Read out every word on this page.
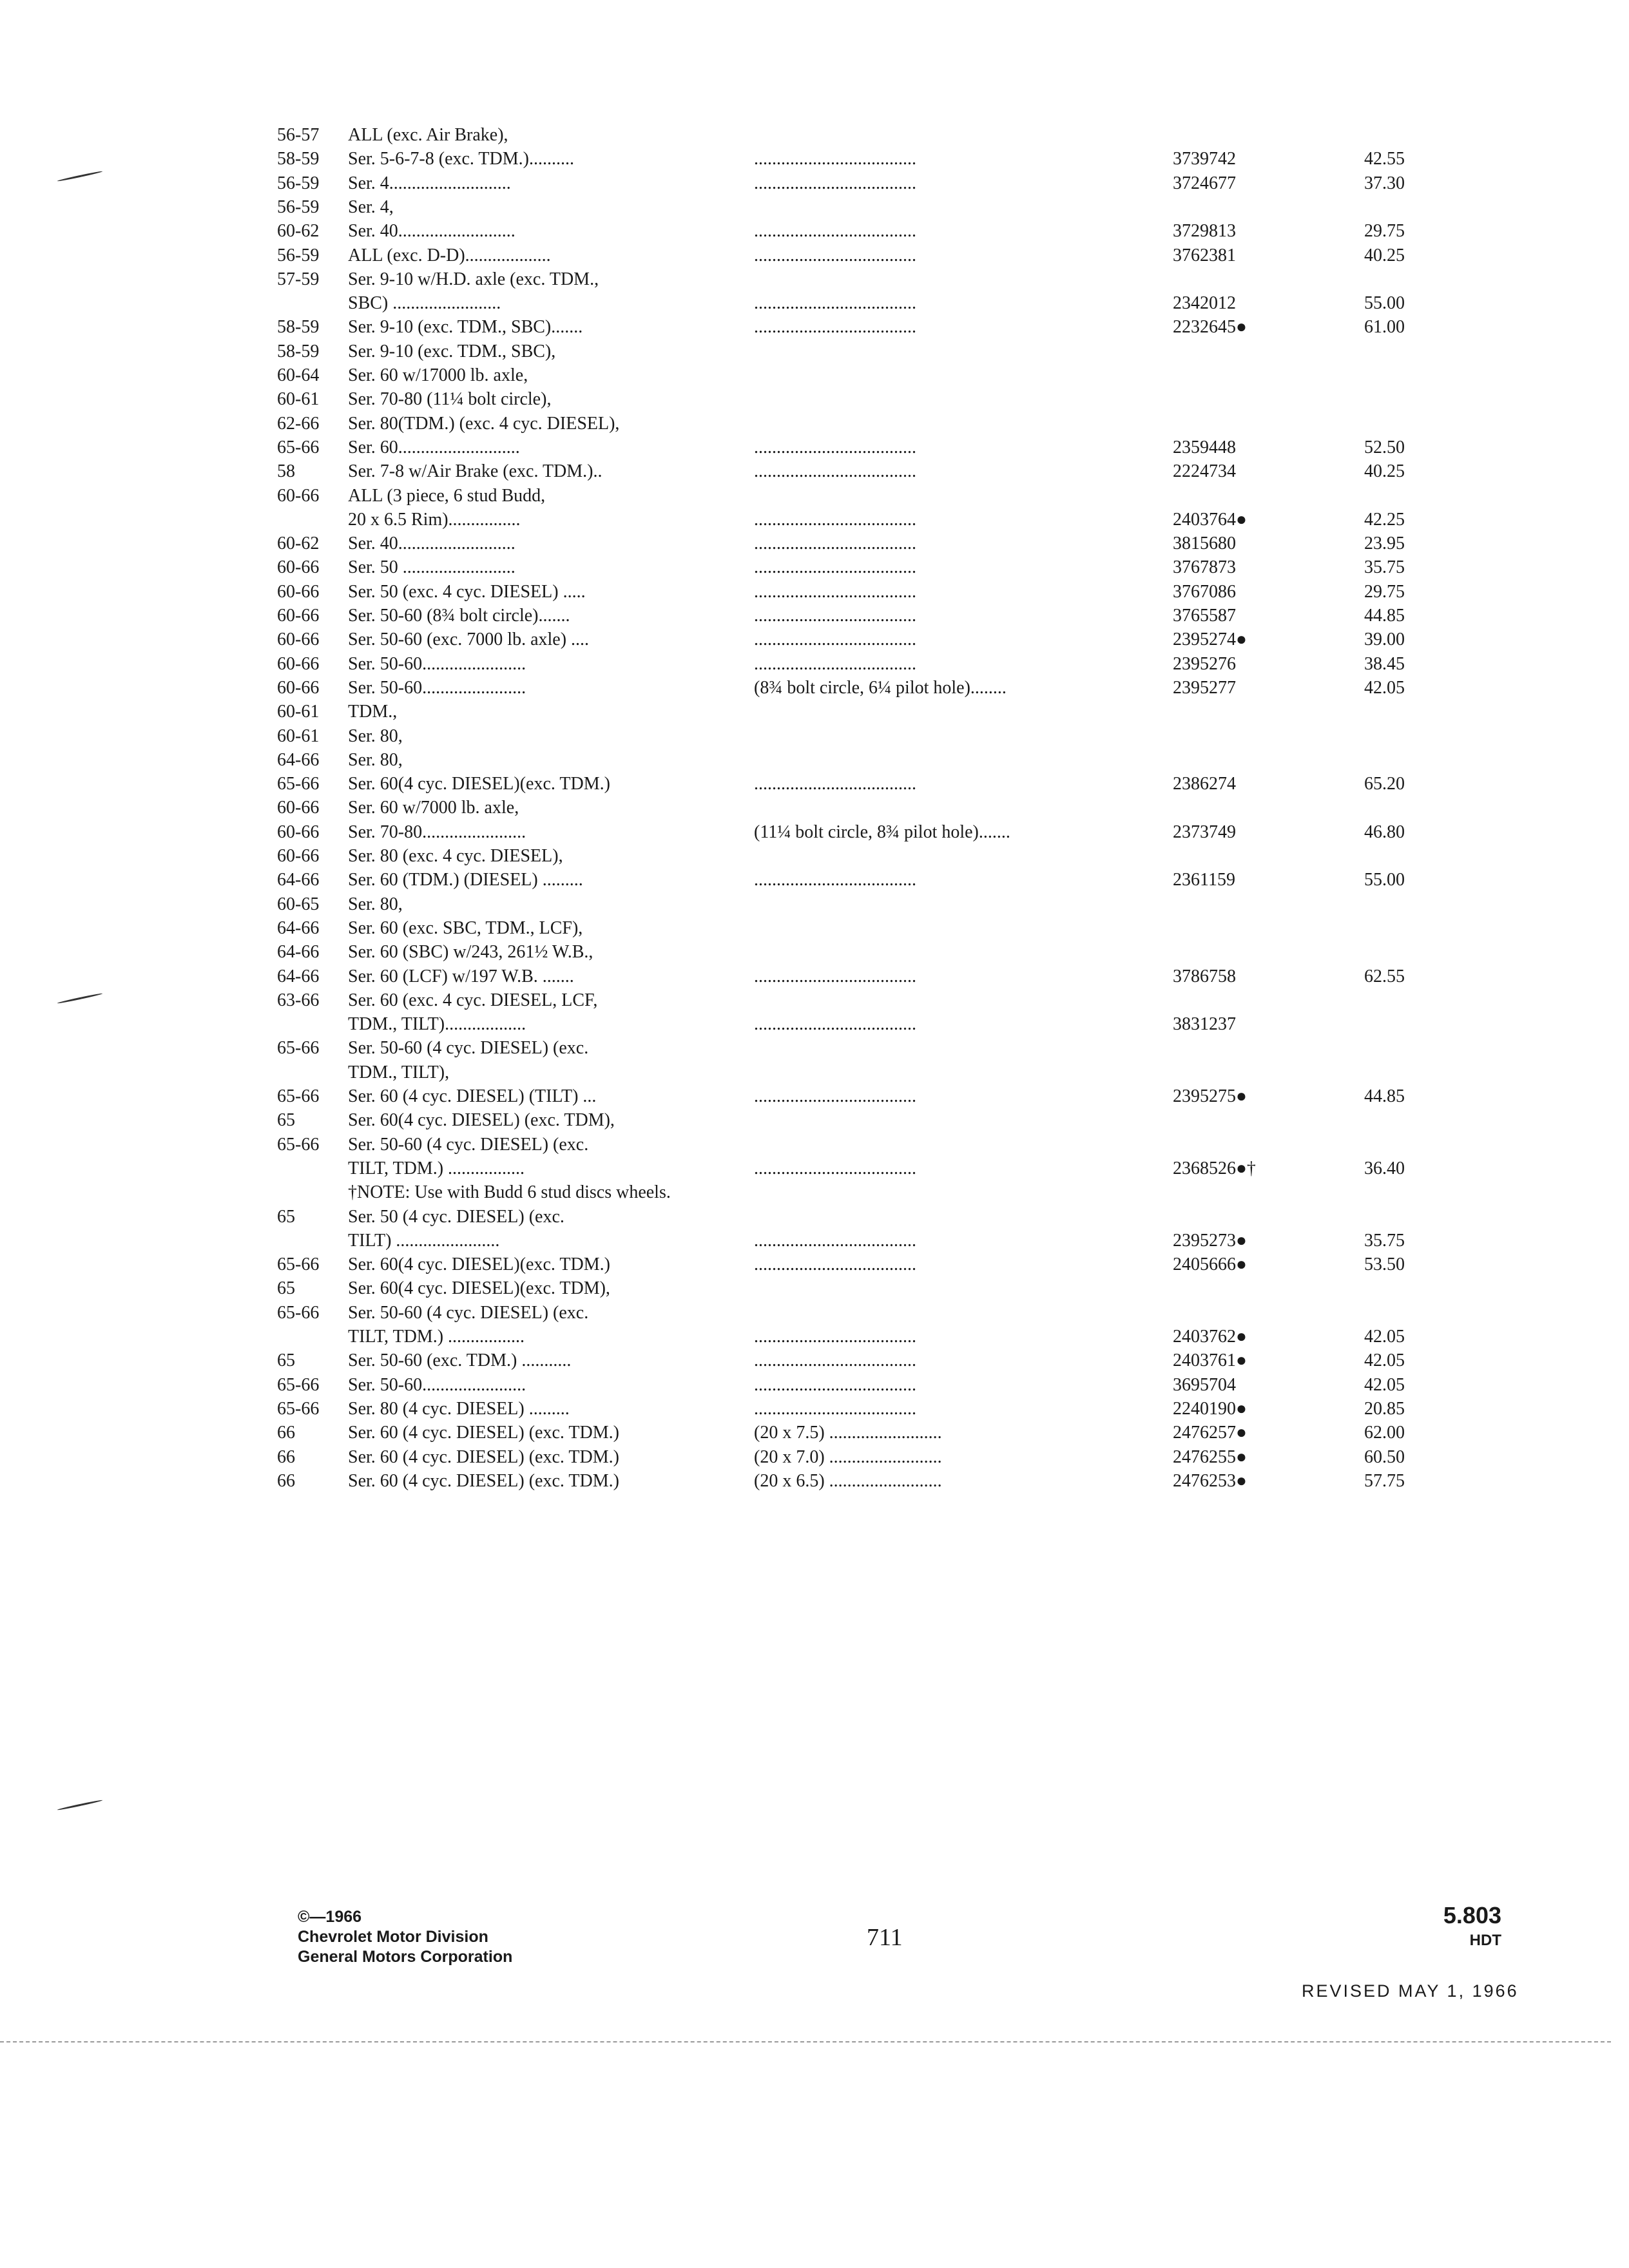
56-57	ALL (exc. Air Brake),
58-59	Ser. 5-6-7-8 (exc. TDM.)..........	....................................	3739742	42.55
56-59	Ser. 4...........................	....................................	3724677	37.30
56-59	Ser. 4,
60-62	Ser. 40..........................	....................................	3729813	29.75
56-59	ALL (exc. D-D)...................	....................................	3762381	40.25
57-59	Ser. 9-10 w/H.D. axle (exc. TDM.,
SBC) ........................	....................................	2342012	55.00
58-59	Ser. 9-10 (exc. TDM., SBC).......	....................................	2232645●	61.00
58-59	Ser. 9-10 (exc. TDM., SBC),
60-64	Ser. 60 w/17000 lb. axle,
60-61	Ser. 70-80 (11¼ bolt circle),
62-66	Ser. 80(TDM.) (exc. 4 cyc. DIESEL),
65-66	Ser. 60...........................	....................................	2359448	52.50
58	Ser. 7-8 w/Air Brake (exc. TDM.)..	....................................	2224734	40.25
60-66	ALL (3 piece, 6 stud Budd,
20 x 6.5 Rim)................	....................................	2403764●	42.25
60-62	Ser. 40..........................	....................................	3815680	23.95
60-66	Ser. 50 .........................	....................................	3767873	35.75
60-66	Ser. 50 (exc. 4 cyc. DIESEL) .....	....................................	3767086	29.75
60-66	Ser. 50-60 (8¾ bolt circle).......	....................................	3765587	44.85
60-66	Ser. 50-60 (exc. 7000 lb. axle) ....	....................................	2395274●	39.00
60-66	Ser. 50-60.......................	....................................	2395276	38.45
60-66	Ser. 50-60.......................	(8¾ bolt circle, 6¼ pilot hole)........	2395277	42.05
60-61	TDM.,
60-61	Ser. 80,
64-66	Ser. 80,
65-66	Ser. 60(4 cyc. DIESEL)(exc. TDM.)	....................................	2386274	65.20
60-66	Ser. 60 w/7000 lb. axle,
60-66	Ser. 70-80.......................	(11¼ bolt circle, 8¾ pilot hole).......	2373749	46.80
60-66	Ser. 80 (exc. 4 cyc. DIESEL),
64-66	Ser. 60 (TDM.) (DIESEL) .........	....................................	2361159	55.00
60-65	Ser. 80,
64-66	Ser. 60 (exc. SBC, TDM., LCF),
64-66	Ser. 60 (SBC) w/243, 261½ W.B.,
64-66	Ser. 60 (LCF) w/197 W.B. .......	....................................	3786758	62.55
63-66	Ser. 60 (exc. 4 cyc. DIESEL, LCF,
TDM., TILT)..................	....................................	3831237
65-66	Ser. 50-60 (4 cyc. DIESEL) (exc.
TDM., TILT),
65-66	Ser. 60 (4 cyc. DIESEL) (TILT) ...	....................................	2395275●	44.85
65	Ser. 60(4 cyc. DIESEL) (exc. TDM),
65-66	Ser. 50-60 (4 cyc. DIESEL) (exc.
TILT, TDM.) .................	....................................	2368526●†	36.40
65	Ser. 50 (4 cyc. DIESEL) (exc.
TILT) .......................	....................................	2395273●	35.75
65-66	Ser. 60(4 cyc. DIESEL)(exc. TDM.)	....................................	2405666●	53.50
65	Ser. 60(4 cyc. DIESEL)(exc. TDM),
65-66	Ser. 50-60 (4 cyc. DIESEL) (exc.
TILT, TDM.) .................	....................................	2403762●	42.05
65	Ser. 50-60 (exc. TDM.) ...........	....................................	2403761●	42.05
65-66	Ser. 50-60.......................	....................................	3695704	42.05
65-66	Ser. 80 (4 cyc. DIESEL) .........	....................................	2240190●	20.85
66	Ser. 60 (4 cyc. DIESEL) (exc. TDM.)	(20 x 7.5) .........................	2476257●	62.00
66	Ser. 60 (4 cyc. DIESEL) (exc. TDM.)	(20 x 7.0) .........................	2476255●	60.50
66	Ser. 60 (4 cyc. DIESEL) (exc. TDM.)	(20 x 6.5) .........................	2476253●	57.75
†NOTE: Use with Budd 6 stud discs wheels.
©—1966
Chevrolet Motor Division
General Motors Corporation
711
5.803
HDT
REVISED MAY 1, 1966
